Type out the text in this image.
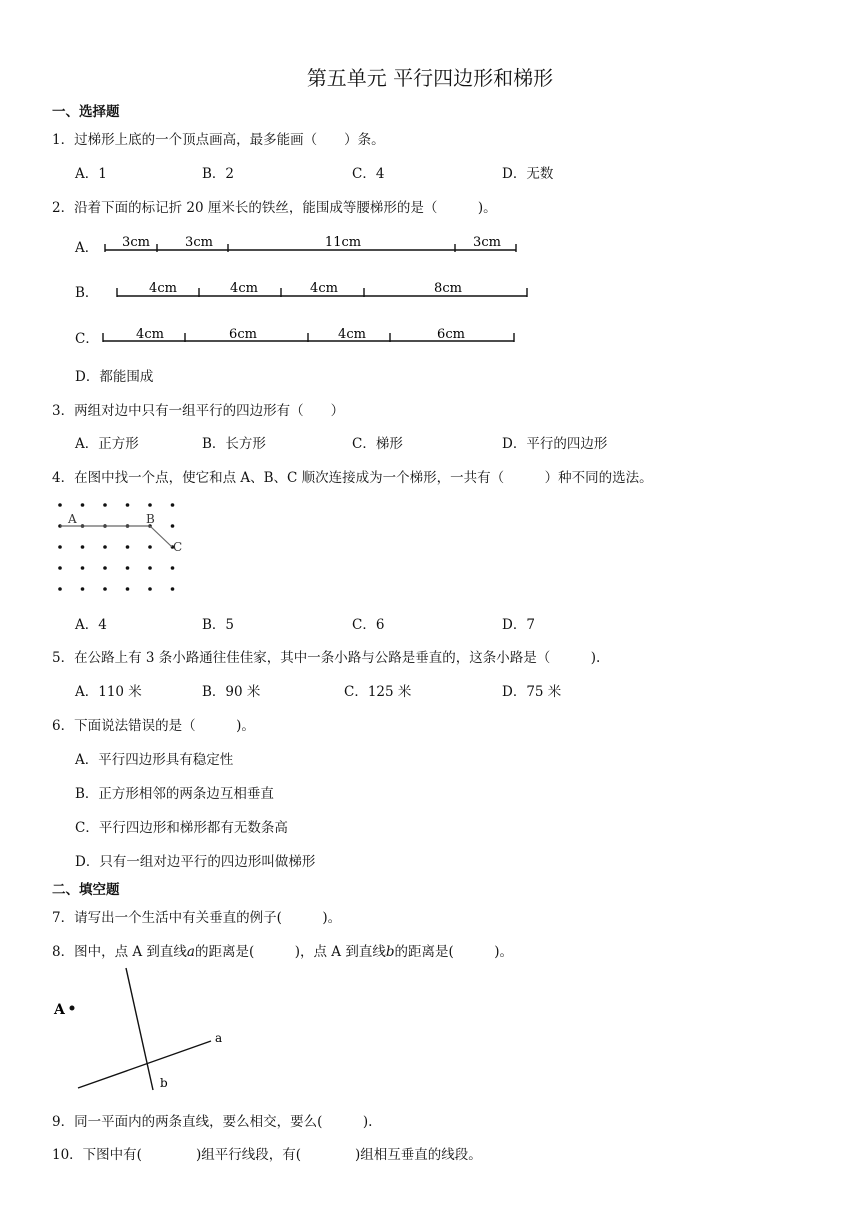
第五单元 平行四边形和梯形
一、选择题
1．过梯形上底的一个顶点画高，最多能画（　　）条。
A．1	B．2	C．4	D．无数
2．沿着下面的标记折 20 厘米长的铁丝，能围成等腰梯形的是（　　　)。
A． 3cm	3cm	11cm	3cm
4cm	4cm	4cm	8cm
4cm	6cm	4cm	6cm
B．
C．
D．都能围成
3．两组对边中只有一组平行的四边形有（　　）
A．正方形	B．长方形	C．梯形	D．平行的四边形
4．在图中找一个点，使它和点 A、B、C 顺次连接成为一个梯形，一共有（　　　）种不同的选法。
A	B
C
A．4	B．5	C．6	D．7
5．在公路上有 3 条小路通往佳佳家，其中一条小路与公路是垂直的，这条小路是（　　　).
A．110 米	B．90 米	C．125 米	D．75 米
6．下面说法错误的是（　　　)。
A．平行四边形具有稳定性
B．正方形相邻的两条边互相垂直
C．平行四边形和梯形都有无数条高
D．只有一组对边平行的四边形叫做梯形
二、填空题
7．请写出一个生活中有关垂直的例子(　　　)。
8．图中，点 A 到直线a的距离是(　　　)，点 A 到直线b的距离是(　　　)。
A
a
b
9．同一平面内的两条直线，要么相交，要么(　　　).
10．下图中有(　　　　)组平行线段，有(　　　　)组相互垂直的线段。
